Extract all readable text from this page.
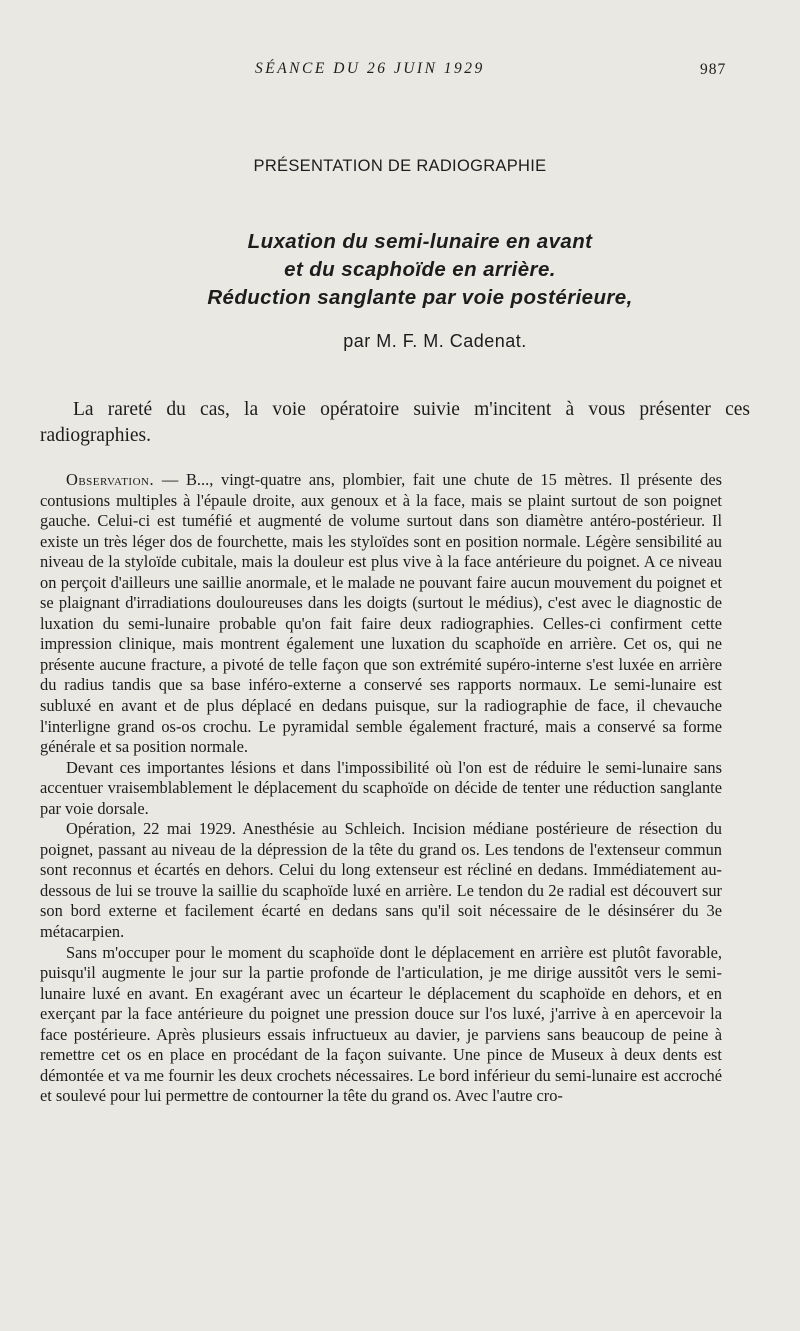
SÉANCE DU 26 JUIN 1929	987
PRÉSENTATION DE RADIOGRAPHIE
Luxation du semi-lunaire en avant
et du scaphoïde en arrière.
Réduction sanglante par voie postérieure,
par M. F. M. Cadenat.

La rareté du cas, la voie opératoire suivie m'incitent à vous présenter ces radiographies.

Observation. — B..., vingt-quatre ans, plombier, fait une chute de 15 mètres. Il présente des contusions multiples à l'épaule droite, aux genoux et à la face, mais se plaint surtout de son poignet gauche. Celui-ci est tuméfié et augmenté de volume surtout dans son diamètre antéro-postérieur. Il existe un très léger dos de fourchette, mais les styloïdes sont en position normale. Légère sensibilité au niveau de la styloïde cubitale, mais la douleur est plus vive à la face antérieure du poignet. A ce niveau on perçoit d'ailleurs une saillie anormale, et le malade ne pouvant faire aucun mouvement du poignet et se plaignant d'irradiations douloureuses dans les doigts (surtout le médius), c'est avec le diagnostic de luxation du semi-lunaire probable qu'on fait faire deux radiographies. Celles-ci confirment cette impression clinique, mais montrent également une luxation du scaphoïde en arrière. Cet os, qui ne présente aucune fracture, a pivoté de telle façon que son extrémité supéro-interne s'est luxée en arrière du radius tandis que sa base inféro-externe a conservé ses rapports normaux. Le semi-lunaire est subluxé en avant et de plus déplacé en dedans puisque, sur la radiographie de face, il chevauche l'interligne grand os-os crochu. Le pyramidal semble également fracturé, mais a conservé sa forme générale et sa position normale.

Devant ces importantes lésions et dans l'impossibilité où l'on est de réduire le semi-lunaire sans accentuer vraisemblablement le déplacement du scaphoïde on décide de tenter une réduction sanglante par voie dorsale.

Opération, 22 mai 1929. Anesthésie au Schleich. Incision médiane postérieure de résection du poignet, passant au niveau de la dépression de la tête du grand os. Les tendons de l'extenseur commun sont reconnus et écartés en dehors. Celui du long extenseur est récliné en dedans. Immédiatement au-dessous de lui se trouve la saillie du scaphoïde luxé en arrière. Le tendon du 2e radial est découvert sur son bord externe et facilement écarté en dedans sans qu'il soit nécessaire de le désinsérer du 3e métacarpien.

Sans m'occuper pour le moment du scaphoïde dont le déplacement en arrière est plutôt favorable, puisqu'il augmente le jour sur la partie profonde de l'articulation, je me dirige aussitôt vers le semi-lunaire luxé en avant. En exagérant avec un écarteur le déplacement du scaphoïde en dehors, et en exerçant par la face antérieure du poignet une pression douce sur l'os luxé, j'arrive à en apercevoir la face postérieure. Après plusieurs essais infructueux au davier, je parviens sans beaucoup de peine à remettre cet os en place en procédant de la façon suivante. Une pince de Museux à deux dents est démontée et va me fournir les deux crochets nécessaires. Le bord inférieur du semi-lunaire est accroché et soulevé pour lui permettre de contourner la tête du grand os. Avec l'autre cro-
